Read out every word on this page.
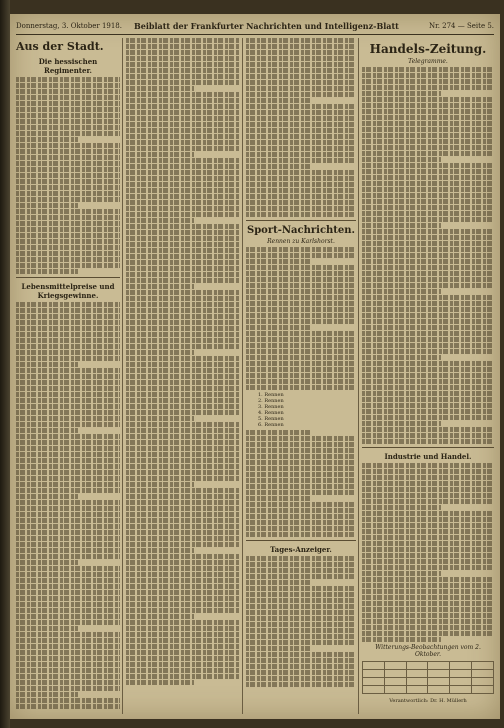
Donnerstag, 3. Oktober 1918. Beiblatt der Frankfurter Nachrichten und Intelligenz-Blatt	Nr. 274 — Seite 5.
Aus der Stadt.
Die hessischen Regimenter.
Lebensmittelpreise und Kriegsgewinne.
Sport-Nachrichten.
Rennen zu Karlshorst.
1. Rennen
2. Rennen
3. Rennen
4. Rennen
5. Rennen
6. Rennen
Tages-Anzeiger.
Handels-Zeitung.
Telegramme.
Industrie und Handel.
Witterungs-Beobachtungen vom 2. Oktober.

Verantwortlich: Dr. H. Müllerh
